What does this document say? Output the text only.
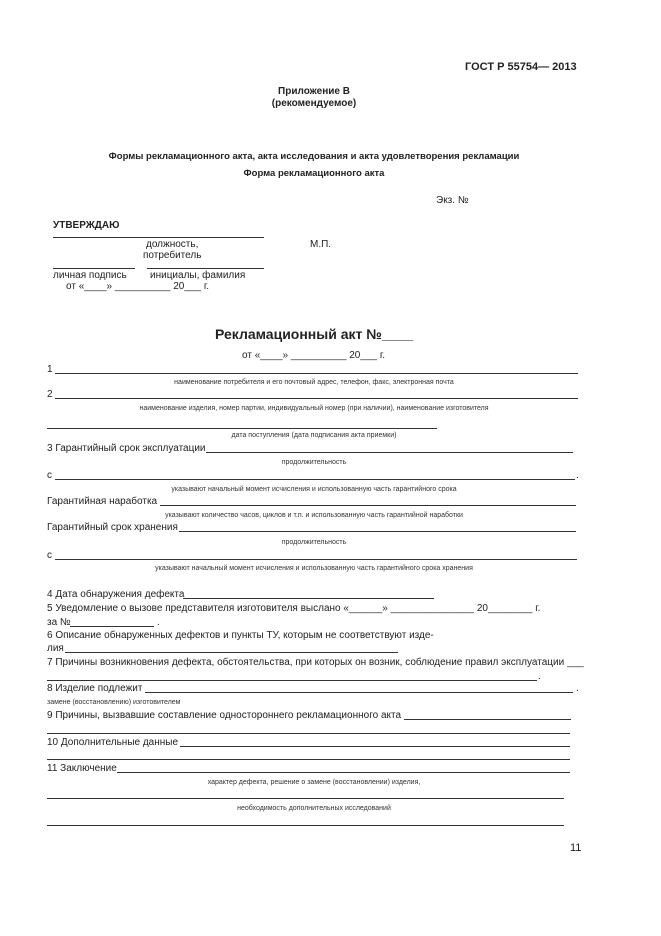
ГОСТ Р 55754— 2013
Приложение В
(рекомендуемое)
Формы рекламационного акта, акта исследования и акта удовлетворения рекламации
Форма рекламационного акта
Экз. №
УТВЕРЖДАЮ
должность,	М.П.
потребитель
личная подпись инициалы, фамилия
от «____» __________ 20___ г.
Рекламационный акт №____
от «____» __________ 20___ г.
1
наименование потребителя и его почтовый адрес, телефон, факс, электронная почта
2
наименование изделия, номер партии, индивидуальный номер (при наличии), наименование изготовителя
дата поступления (дата подписания акта приемки)
3 Гарантийный срок эксплуатации
продолжительность
с	.
указывают начальный момент исчисления и использованную часть гарантийного срока
Гарантийная наработка
указывают количество часов, циклов и т.п. и использованную часть гарантийной наработки
Гарантийный срок хранения
продолжительность
с
указывают начальный момент исчисления и использованную часть гарантийного срока хранения
4 Дата обнаружения дефекта
5 Уведомление о вызове представителя изготовителя выслано «______» _______________ 20________ г.
за №	.
6 Описание обнаруженных дефектов и пункты ТУ, которым не соответствуют изде-
лия
7 Причины возникновения дефекта, обстоятельства, при которых он возник, соблюдение правил эксплуатации ___
.
8 Изделие подлежит	.
замене (восстановлению) изготовителем
9 Причины, вызвавшие составление одностороннего рекламационного акта
10 Дополнительные данные
11 Заключение
характер дефекта, решение о замене (восстановлении) изделия,
необходимость дополнительных исследований
11
